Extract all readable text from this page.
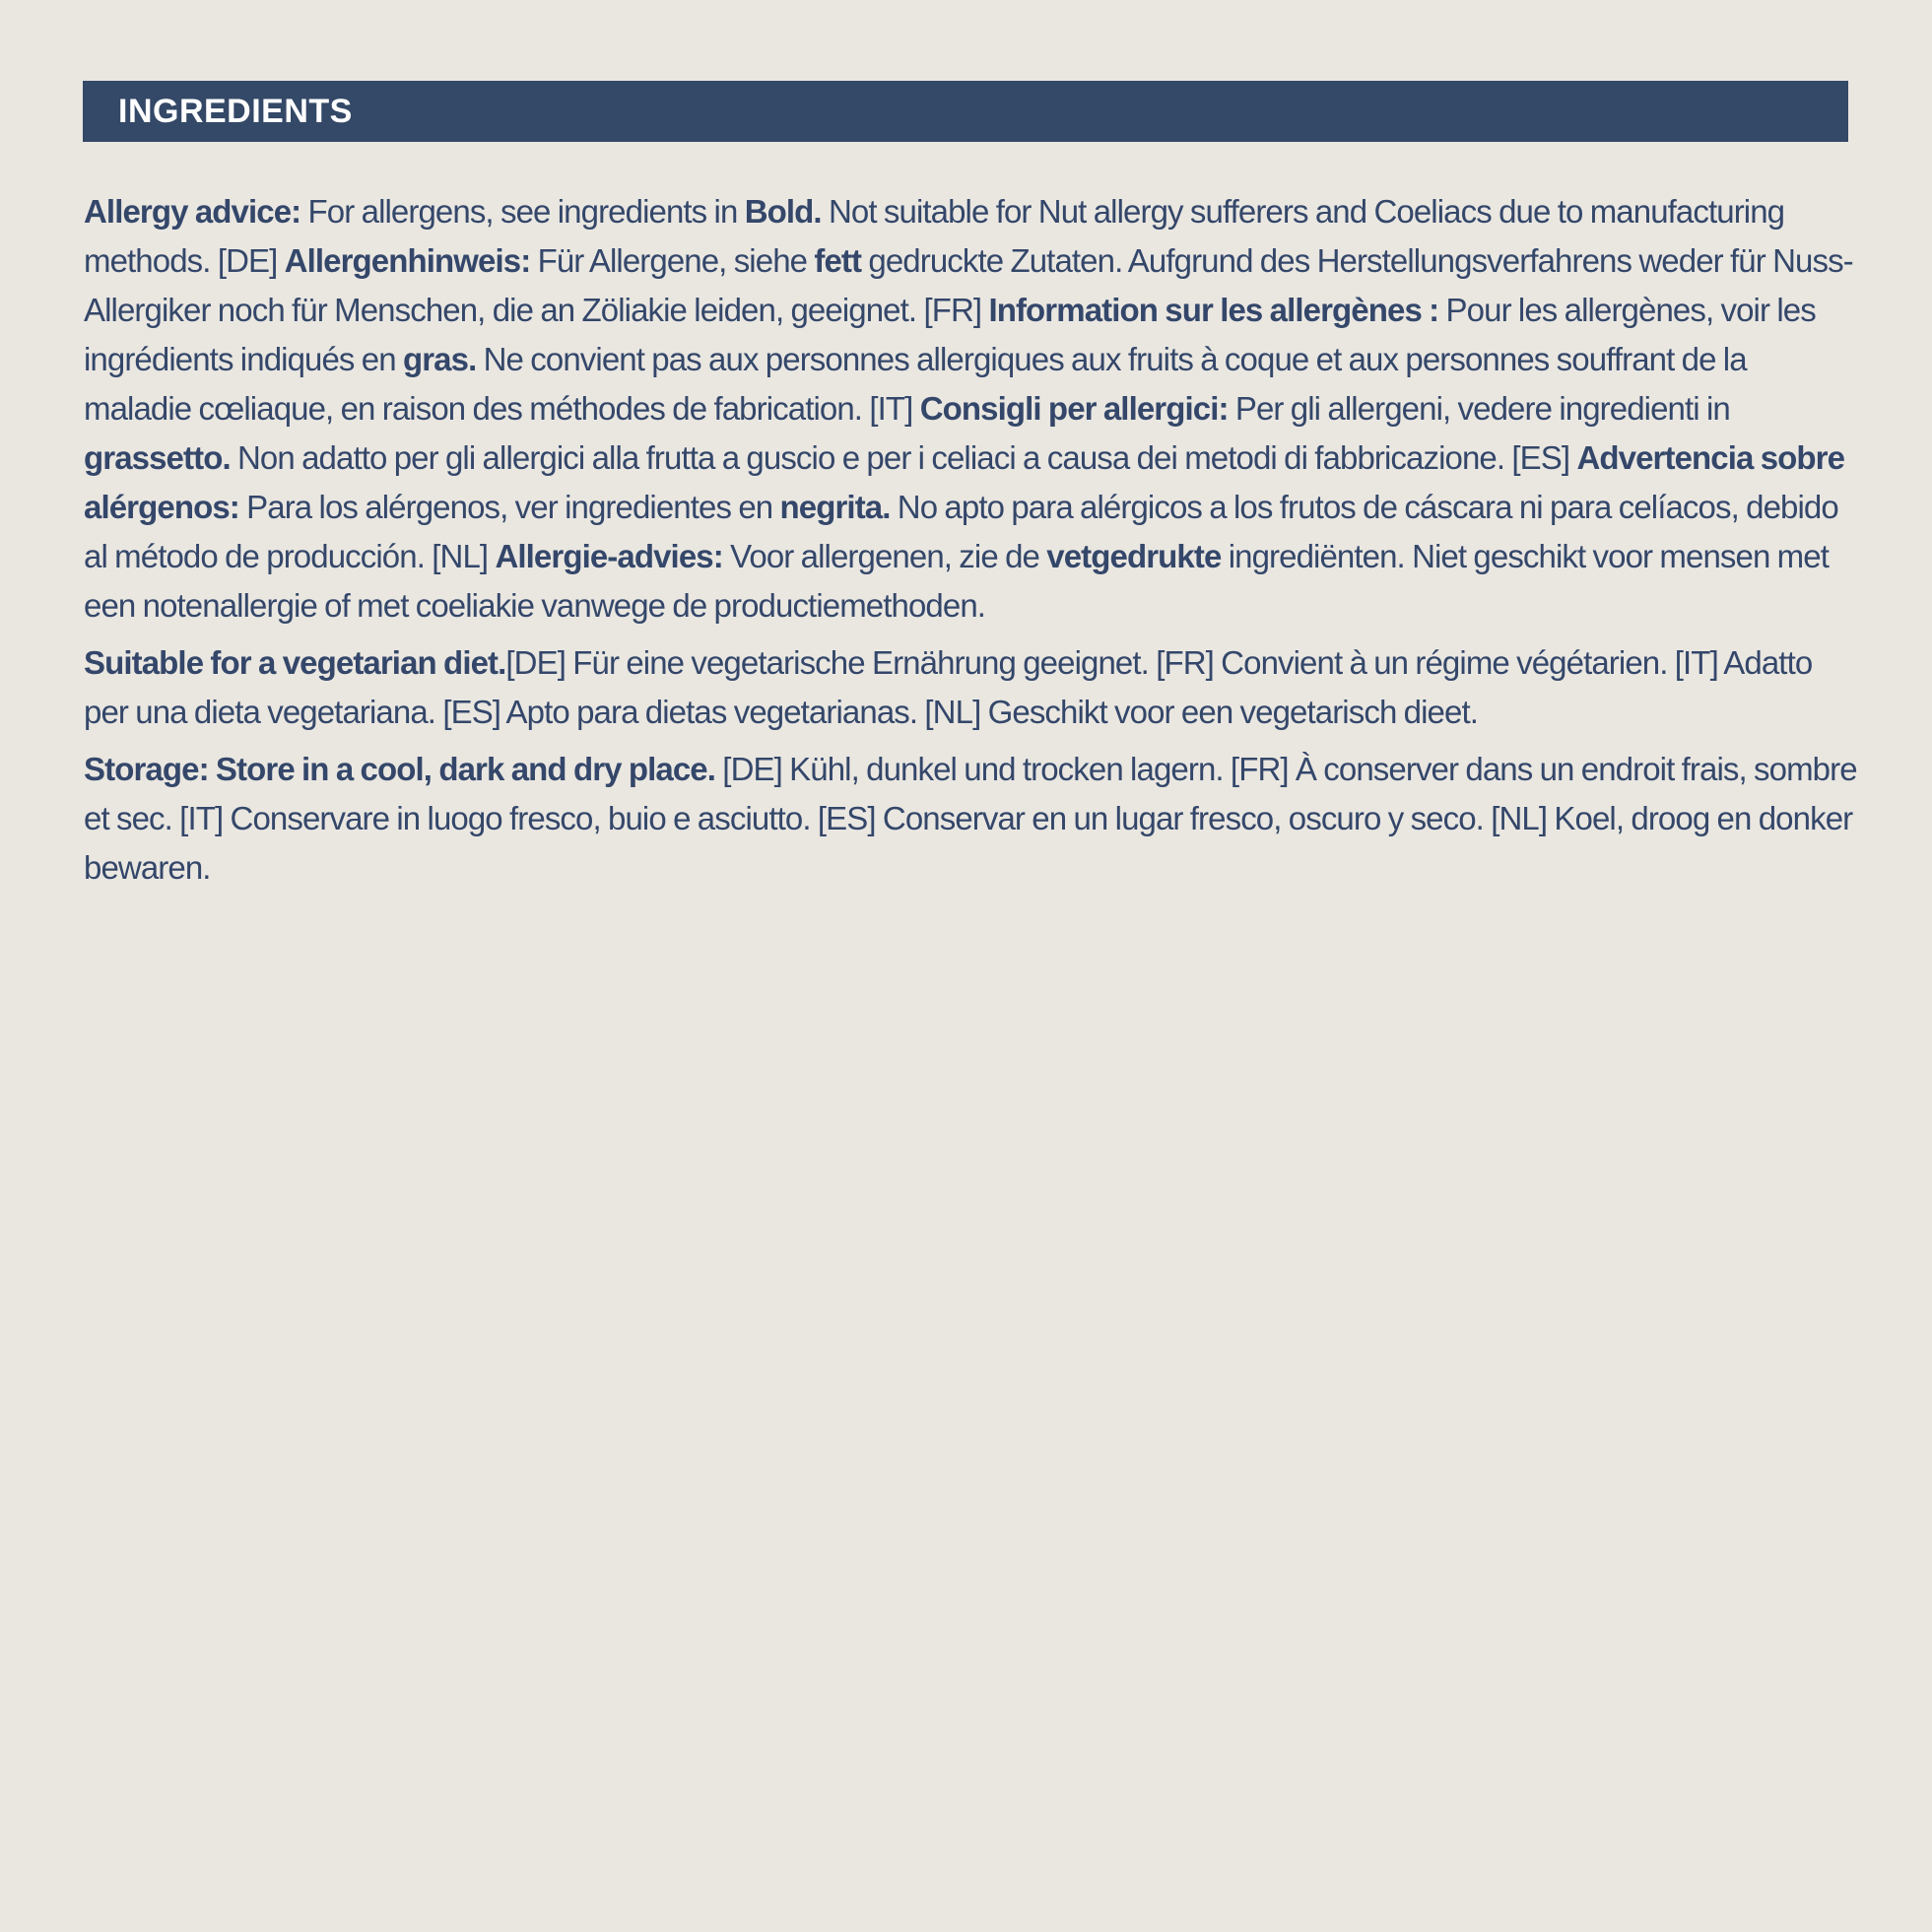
INGREDIENTS

Allergy advice: For allergens, see ingredients in Bold. Not suitable for Nut allergy sufferers and Coeliacs due to manufacturing methods. [DE] Allergenhinweis: Für Allergene, siehe fett gedruckte Zutaten. Aufgrund des Herstellungsverfahrens weder für Nuss-Allergiker noch für Menschen, die an Zöliakie leiden, geeignet. [FR] Information sur les allergènes : Pour les allergènes, voir les ingrédients indiqués en gras. Ne convient pas aux personnes allergiques aux fruits à coque et aux personnes souffrant de la maladie cœliaque, en raison des méthodes de fabrication. [IT] Consigli per allergici: Per gli allergeni, vedere ingredienti in grassetto. Non adatto per gli allergici alla frutta a guscio e per i celiaci a causa dei metodi di fabbricazione. [ES] Advertencia sobre alérgenos: Para los alérgenos, ver ingredientes en negrita. No apto para alérgicos a los frutos de cáscara ni para celíacos, debido al método de producción. [NL] Allergie-advies: Voor allergenen, zie de vetgedrukte ingrediënten. Niet geschikt voor mensen met een notenallergie of met coeliakie vanwege de productiemethoden.

Suitable for a vegetarian diet.[DE] Für eine vegetarische Ernährung geeignet. [FR] Convient à un régime végétarien. [IT] Adatto per una dieta vegetariana. [ES] Apto para dietas vegetarianas. [NL] Geschikt voor een vegetarisch dieet.

Storage: Store in a cool, dark and dry place. [DE] Kühl, dunkel und trocken lagern. [FR] À conserver dans un endroit frais, sombre et sec. [IT] Conservare in luogo fresco, buio e asciutto. [ES] Conservar en un lugar fresco, oscuro y seco. [NL] Koel, droog en donker bewaren.
